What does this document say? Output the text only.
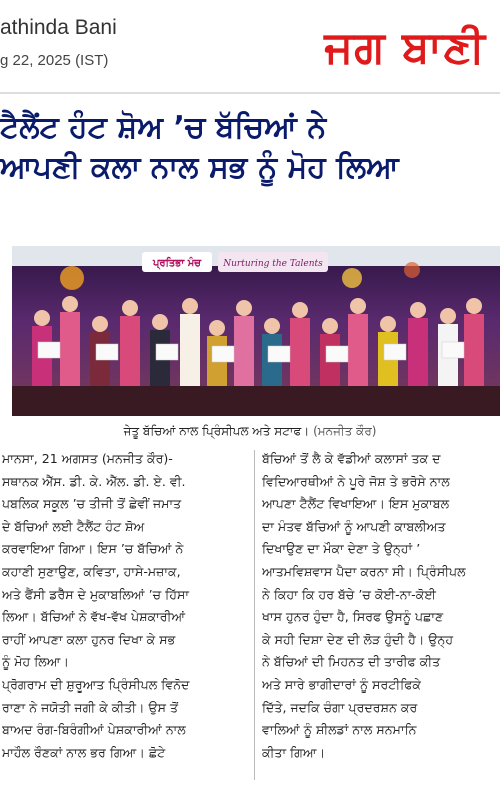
athinda Bani
g 22, 2025 (IST)	ਜਗ ਬਾਣੀ
ਟੈਲੈਂਟ ਹੰਟ ਸ਼ੋਅ ’ਚ ਬੱਚਿਆਂ ਨੇ
ਆਪਣੀ ਕਲਾ ਨਾਲ ਸਭ ਨੂੰ ਮੋਹ ਲਿਆ
ਪ੍ਰਤਿਭਾ ਮੰਚ Nurturing the Talents
ਜੇਤੂ ਬੱਚਿਆਂ ਨਾਲ ਪ੍ਰਿੰਸੀਪਲ ਅਤੇ ਸਟਾਫ। (ਮਨਜੀਤ ਕੌਰ)
ਮਾਨਸਾ, 21 ਅਗਸਤ (ਮਨਜੀਤ ਕੌਰ)-
ਸਥਾਨਕ ਐੱਸ. ਡੀ. ਕੇ. ਐੱਲ. ਡੀ. ਏ. ਵੀ.
ਪਬਲਿਕ ਸਕੂਲ ’ਚ ਤੀਜੀ ਤੋਂ ਛੇਵੀਂ ਜਮਾਤ
ਦੇ ਬੱਚਿਆਂ ਲਈ ਟੈਲੈਂਟ ਹੰਟ ਸ਼ੋਅ
ਕਰਵਾਇਆ ਗਿਆ। ਇਸ ’ਚ ਬੱਚਿਆਂ ਨੇ
ਕਹਾਣੀ ਸੁਣਾਉਣ, ਕਵਿਤਾ, ਹਾਸੇ-ਮਜ਼ਾਕ,
ਅਤੇ ਫੈਂਸੀ ਡਰੈੱਸ ਦੇ ਮੁਕਾਬਲਿਆਂ ’ਚ ਹਿੱਸਾ
ਲਿਆ। ਬੱਚਿਆਂ ਨੇ ਵੱਖ-ਵੱਖ ਪੇਸ਼ਕਾਰੀਆਂ
ਰਾਹੀਂ ਆਪਣਾ ਕਲਾ ਹੁਨਰ ਦਿਖਾ ਕੇ ਸਭ
ਨੂੰ ਮੋਹ ਲਿਆ।
ਪ੍ਰੋਗਰਾਮ ਦੀ ਸ਼ੁਰੂਆਤ ਪ੍ਰਿੰਸੀਪਲ ਵਿਨੋਦ
ਰਾਣਾ ਨੇ ਜਯੋਤੀ ਜਗੀ ਕੇ ਕੀਤੀ। ਉਸ ਤੋਂ
ਬਾਅਦ ਰੰਗ-ਬਿਰੰਗੀਆਂ ਪੇਸ਼ਕਾਰੀਆਂ ਨਾਲ
ਮਾਹੌਲ ਰੌਣਕਾਂ ਨਾਲ ਭਰ ਗਿਆ। ਛੋਟੇ
ਬੱਚਿਆਂ ਤੋਂ ਲੈ ਕੇ ਵੱਡੀਆਂ ਕਲਾਸਾਂ ਤਕ ਦ
ਵਿਦਿਆਰਥੀਆਂ ਨੇ ਪੂਰੇ ਜੋਸ਼ ਤੇ ਭਰੋਸੇ ਨਾਲ
ਆਪਣਾ ਟੈਲੈਂਟ ਵਿਖਾਇਆ। ਇਸ ਮੁਕਾਬਲ
ਦਾ ਮੰਤਵ ਬੱਚਿਆਂ ਨੂੰ ਆਪਣੀ ਕਾਬਲੀਅਤ
ਦਿਖਾਉਣ ਦਾ ਮੌਕਾ ਦੇਣਾ ਤੇ ਉਨ੍ਹਾਂ ’
ਆਤਮਵਿਸ਼ਵਾਸ ਪੈਦਾ ਕਰਨਾ ਸੀ। ਪ੍ਰਿੰਸੀਪਲ
ਨੇ ਕਿਹਾ ਕਿ ਹਰ ਬੱਚੇ ’ਚ ਕੋਈ-ਨਾ-ਕੋਈ
ਖਾਸ ਹੁਨਰ ਹੁੰਦਾ ਹੈ, ਸਿਰਫ ਉਸਨੂੰ ਪਛਾਣ
ਕੇ ਸਹੀ ਦਿਸ਼ਾ ਦੇਣ ਦੀ ਲੋੜ ਹੁੰਦੀ ਹੈ। ਉਨ੍ਹ
ਨੇ ਬੱਚਿਆਂ ਦੀ ਮਿਹਨਤ ਦੀ ਤਾਰੀਫ ਕੀਤ
ਅਤੇ ਸਾਰੇ ਭਾਗੀਦਾਰਾਂ ਨੂੰ ਸਰਟੀਫਿਕੇ
ਦਿੱਤੇ, ਜਦਕਿ ਚੰਗਾ ਪ੍ਰਦਰਸ਼ਨ ਕਰ
ਵਾਲਿਆਂ ਨੂੰ ਸ਼ੀਲਡਾਂ ਨਾਲ ਸਨਮਾਨਿ
ਕੀਤਾ ਗਿਆ।
